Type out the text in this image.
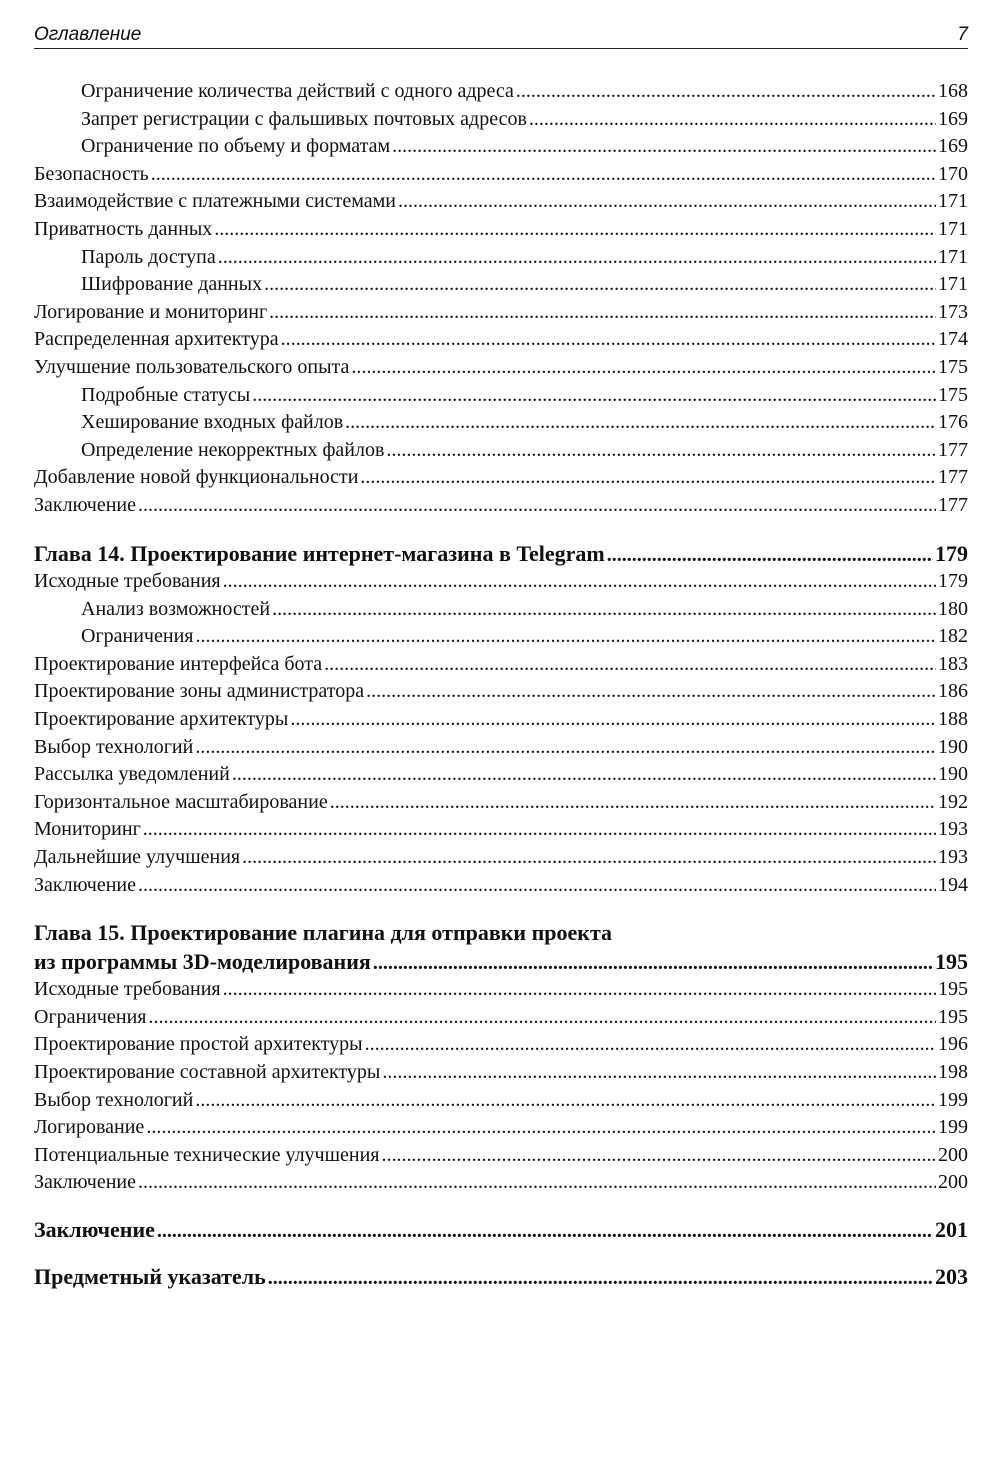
Оглавление	7
Ограничение количества действий с одного адреса .....	168
Запрет регистрации с фальшивых почтовых адресов .....	169
Ограничение по объему и форматам .....	169
Безопасность .....	170
Взаимодействие с платежными системами .....	171
Приватность данных .....	171
Пароль доступа .....	171
Шифрование данных .....	171
Логирование и мониторинг .....	173
Распределенная архитектура .....	174
Улучшение пользовательского опыта .....	175
Подробные статусы .....	175
Хеширование входных файлов .....	176
Определение некорректных файлов .....	177
Добавление новой функциональности .....	177
Заключение .....	177
Глава 14. Проектирование интернет-магазина в Telegram .....	179
Исходные требования .....	179
Анализ возможностей .....	180
Ограничения .....	182
Проектирование интерфейса бота .....	183
Проектирование зоны администратора .....	186
Проектирование архитектуры .....	188
Выбор технологий .....	190
Рассылка уведомлений .....	190
Горизонтальное масштабирование .....	192
Мониторинг .....	193
Дальнейшие улучшения .....	193
Заключение .....	194
Глава 15. Проектирование плагина для отправки проекта
из программы 3D-моделирования .....	195
Исходные требования .....	195
Ограничения .....	195
Проектирование простой архитектуры .....	196
Проектирование составной архитектуры .....	198
Выбор технологий .....	199
Логирование .....	199
Потенциальные технические улучшения .....	200
Заключение .....	200
Заключение .....	201
Предметный указатель .....	203
